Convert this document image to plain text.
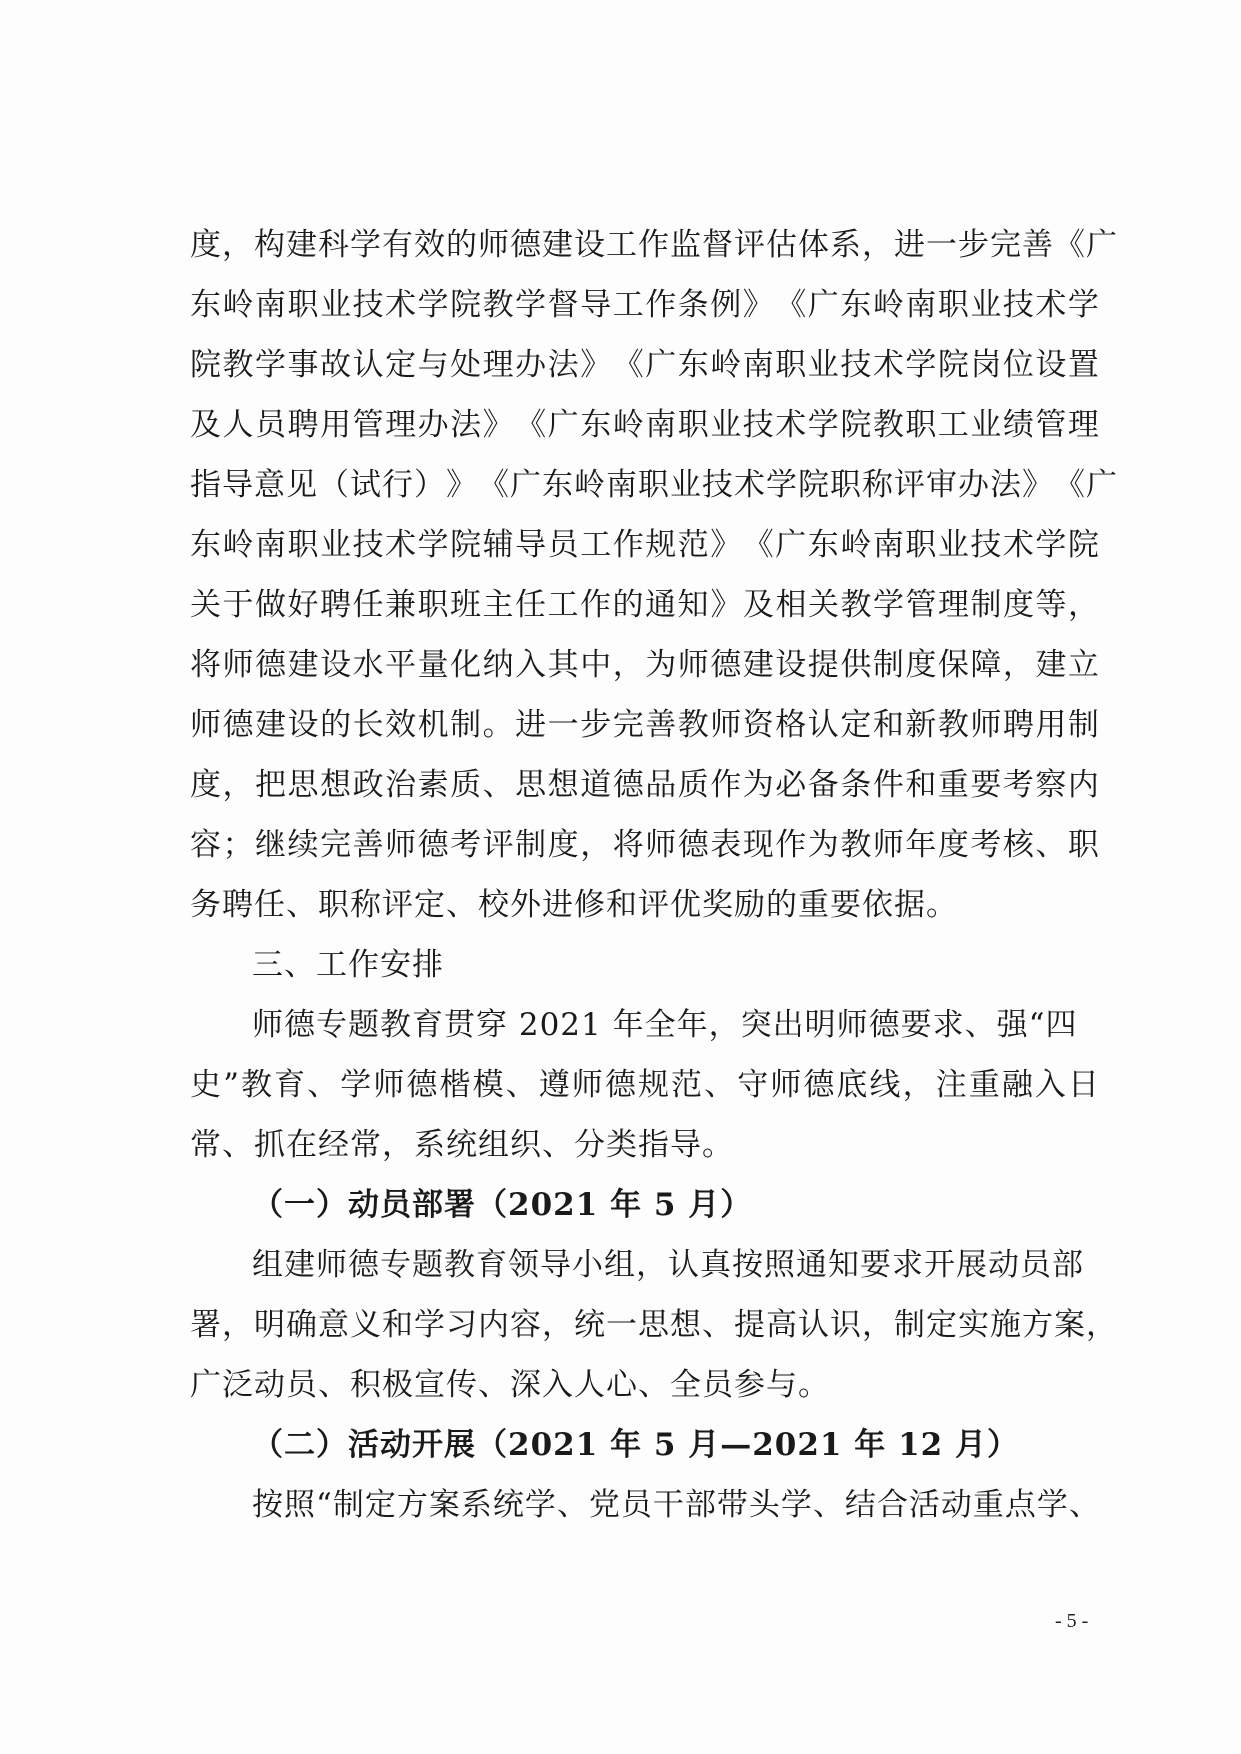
度 ， 构 建 科 学 有 效 的 师 德 建 设 工 作 监 督 评 估 体 系 ， 进 一 步 完 善 《 广
东 岭 南 职 业 技 术 学 院 教 学 督 导 工 作 条 例 》 《 广 东 岭 南 职 业 技 术 学
院 教 学 事 故 认 定 与 处 理 办 法 》 《 广 东 岭 南 职 业 技 术 学 院 岗 位 设 置
及 人 员 聘 用 管 理 办 法 》 《 广 东 岭 南 职 业 技 术 学 院 教 职 工 业 绩 管 理
指 导 意 见 （ 试 行 ） 》 《 广 东 岭 南 职 业 技 术 学 院 职 称 评 审 办 法 》 《 广
东 岭 南 职 业 技 术 学 院 辅 导 员 工 作 规 范 》 《 广 东 岭 南 职 业 技 术 学 院
关 于 做 好 聘 任 兼 职 班 主 任 工 作 的 通 知 》 及 相 关 教 学 管 理 制 度 等 ，
将 师 德 建 设 水 平 量 化 纳 入 其 中 ， 为 师 德 建 设 提 供 制 度 保 障 ， 建 立
师 德 建 设 的 长 效 机 制 。 进 一 步 完 善 教 师 资 格 认 定 和 新 教 师 聘 用 制
度 ， 把 思 想 政 治 素 质 、 思 想 道 德 品 质 作 为 必 备 条 件 和 重 要 考 察 内
容 ； 继 续 完 善 师 德 考 评 制 度 ， 将 师 德 表 现 作 为 教 师 年 度 考 核 、 职
务聘任、职称评定、校外进修和评优奖励的重要依据。
三、工作安排
师德专题教育贯穿 2021 年全年，突出明师德要求、强“四
史 ” 教 育 、 学 师 德 楷 模 、 遵 师 德 规 范 、 守 师 德 底 线 ， 注 重 融 入 日
常、抓在经常，系统组织、分类指导。
（一）动员部署（2021 年 5 月）
组建师德专题教育领导小组，认真按照通知要求开展动员部
署 ， 明 确 意 义 和 学 习 内 容 ， 统 一 思 想 、 提 高 认 识 ， 制 定 实 施 方 案 ，
广泛动员、积极宣传、深入人心、全员参与。
（二）活动开展（2021 年 5 月—2021 年 12 月）
按照“制定方案系统学、党员干部带头学、结合活动重点学、
- 5 -
